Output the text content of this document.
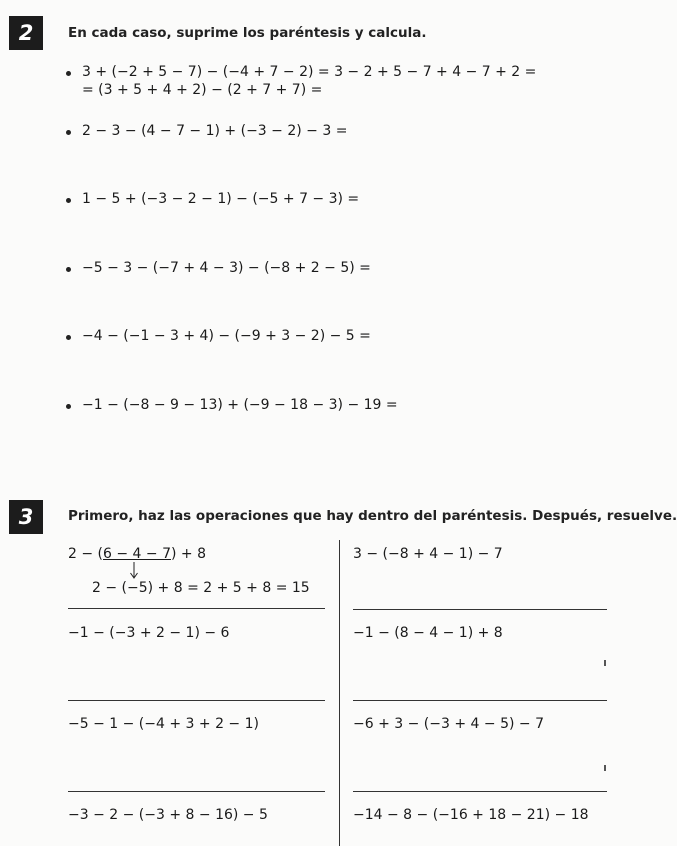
2	En cada caso, suprime los paréntesis y calcula.
3 + (−2 + 5 − 7) − (−4 + 7 − 2) = 3 − 2 + 5 − 7 + 4 − 7 + 2 =
= (3 + 5 + 4 + 2) − (2 + 7 + 7) =
2 − 3 − (4 − 7 − 1) + (−3 − 2) − 3 =
1 − 5 + (−3 − 2 − 1) − (−5 + 7 − 3) =
−5 − 3 − (−7 + 4 − 3) − (−8 + 2 − 5) =
−4 − (−1 − 3 + 4) − (−9 + 3 − 2) − 5 =
−1 − (−8 − 9 − 13) + (−9 − 18 − 3) − 19 =
3	Primero, haz las operaciones que hay dentro del paréntesis. Después, resuelve.
2 − (6 − 4 − 7) + 8
2 − (−5) + 8 = 2 + 5 + 8 = 15
−1 − (−3 + 2 − 1) − 6
−5 − 1 − (−4 + 3 + 2 − 1)
−3 − 2 − (−3 + 8 − 16) − 5
3 − (−8 + 4 − 1) − 7
−1 − (8 − 4 − 1) + 8
−6 + 3 − (−3 + 4 − 5) − 7
−14 − 8 − (−16 + 18 − 21) − 18
